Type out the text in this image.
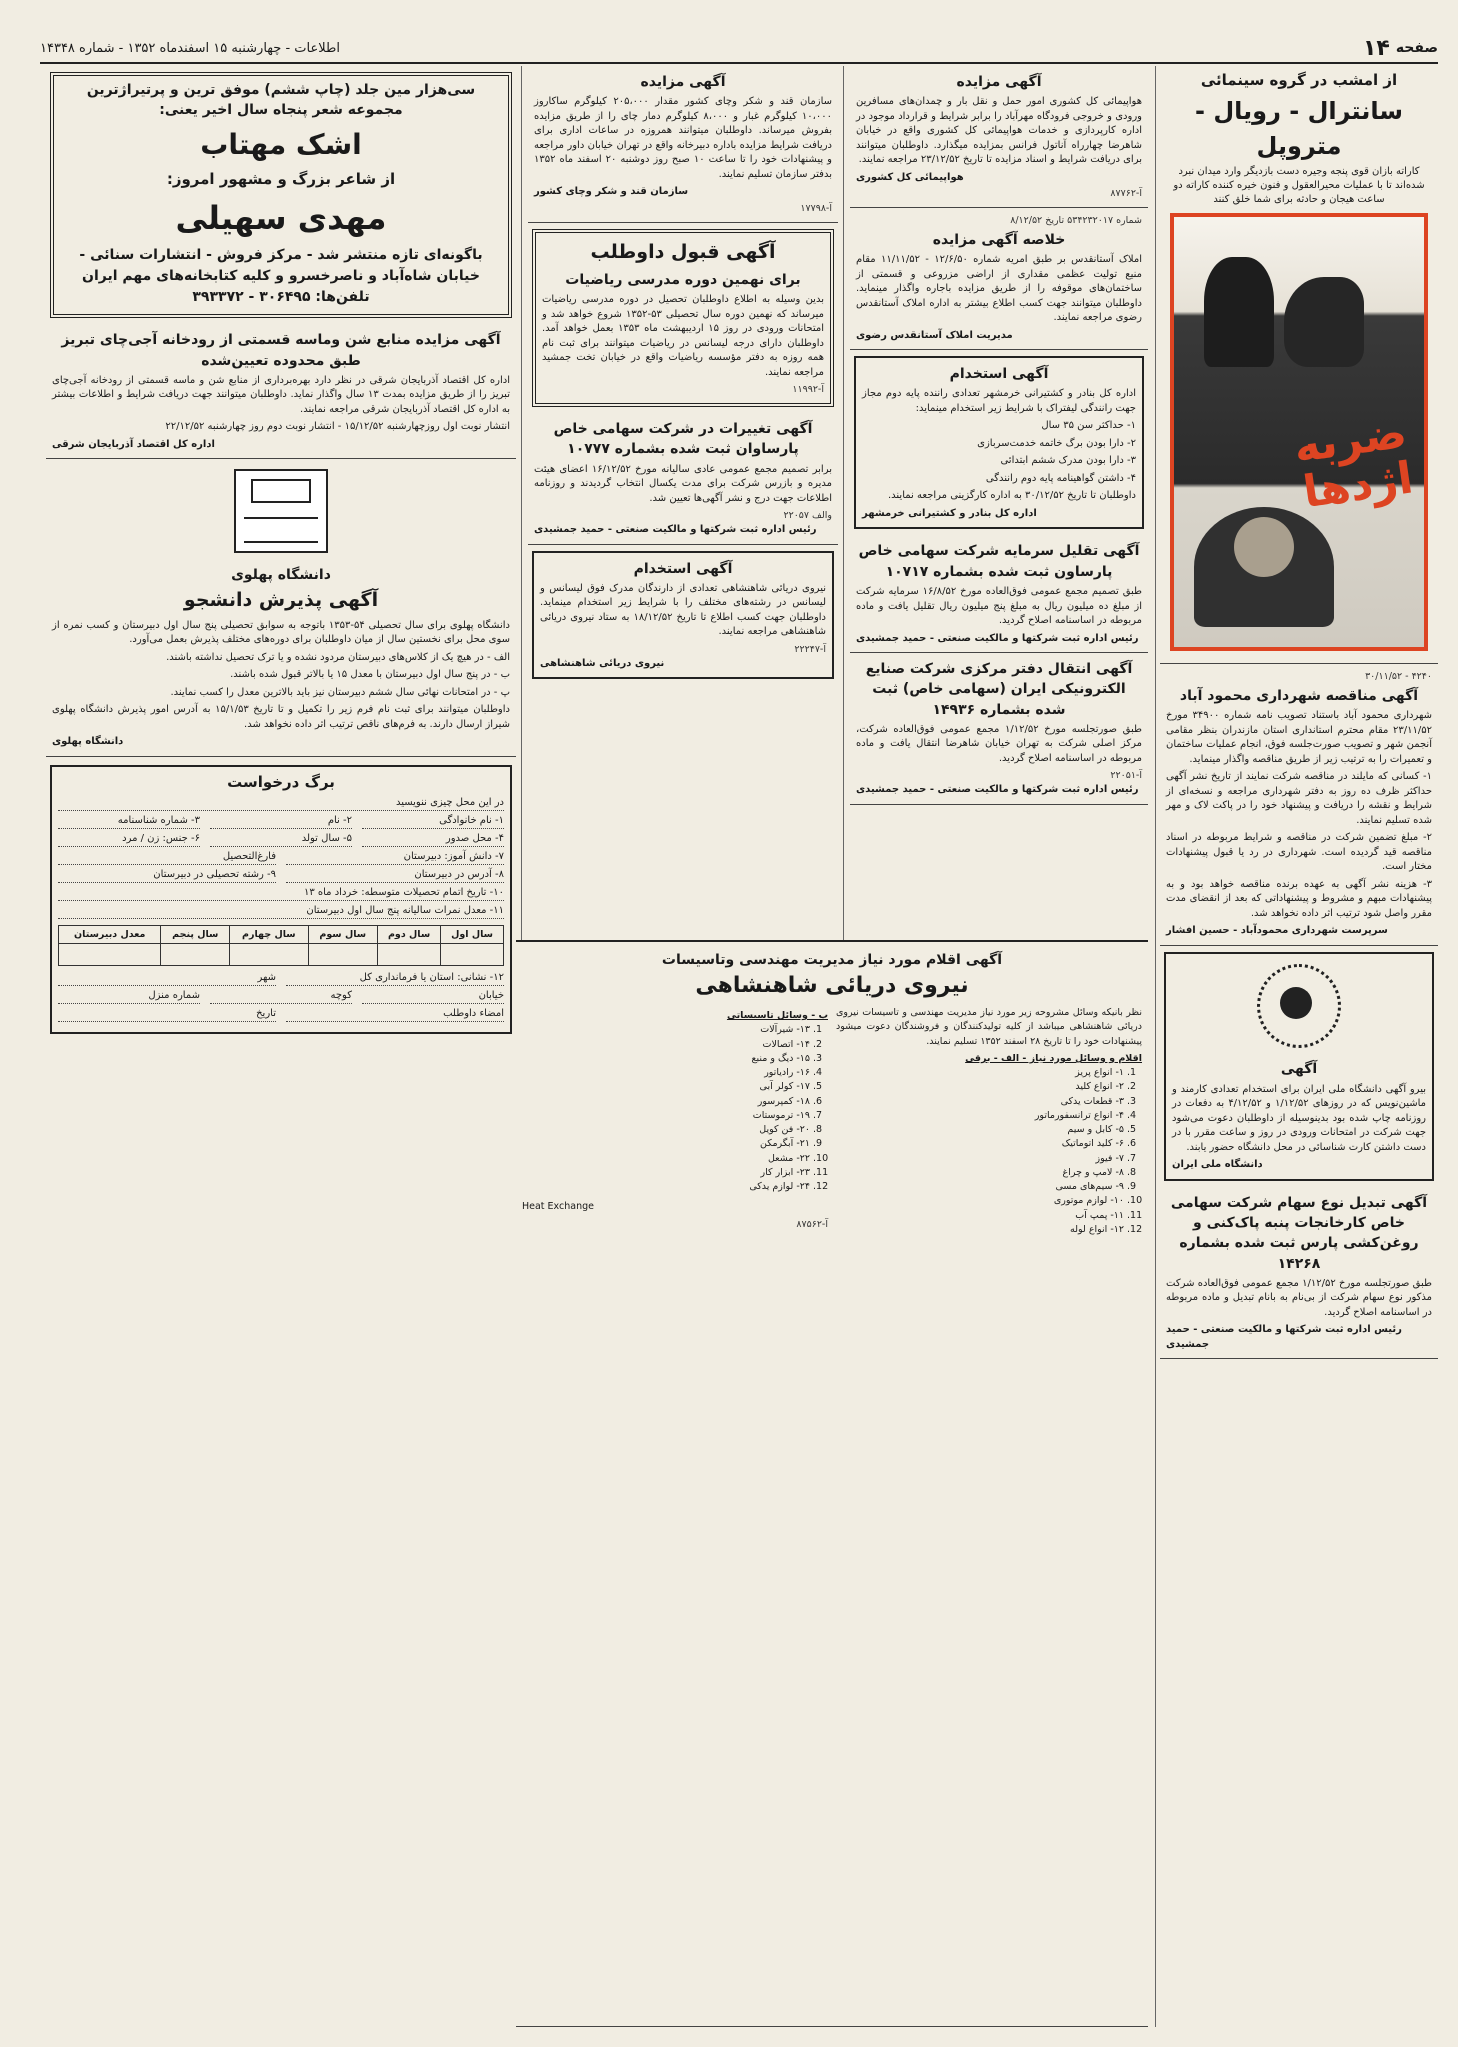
صفحه
۱۴
اطلاعات - چهارشنبه ۱۵ اسفندماه ۱۳۵۲ - شماره ۱۴۳۴۸
از امشب در گروه سینمائی
سانترال - رویال - متروپل
کاراته بازان قوی پنجه وجیره دست بازدیگر وارد میدان نبرد شده‌اند تا با عملیات محیرالعقول و فنون خیره کننده کاراته دو ساعت هیجان و حادثه برای شما خلق کنند
ضربه اژدها
۴۲۴۰ - ۳۰/۱۱/۵۲
آگهی مناقصه شهرداری محمود آباد

شهرداری محمود آباد باستناد تصویب نامه شماره ۳۴۹۰۰ مورخ ۲۳/۱۱/۵۲ مقام محترم استانداری استان مازندران بنظر مقامی آنجمن شهر و تصویب صورت‌جلسه فوق، انجام عملیات ساختمان و تعمیرات را به ترتیب زیر از طریق مناقصه واگذار مینماید.

۱- کسانی که مایلند در مناقصه شرکت نمایند از تاریخ نشر آگهی حداکثر ظرف ده روز به دفتر شهرداری مراجعه و نسخه‌ای از شرایط و نقشه را دریافت و پیشنهاد خود را در پاکت لاک و مهر شده تسلیم نمایند.

۲- مبلغ تضمین شرکت در مناقصه و شرایط مربوطه در اسناد مناقصه قید گردیده است. شهرداری در رد یا قبول پیشنهادات مختار است.

۳- هزینه نشر آگهی به عهده برنده مناقصه خواهد بود و به پیشنهادات مبهم و مشروط و پیشنهاداتی که بعد از انقضای مدت مقرر واصل شود ترتیب اثر داده نخواهد شد.

سرپرست شهرداری محمودآباد - حسین افشار
آگهی

بیرو آگهی دانشگاه ملی ایران برای استخدام تعدادی کارمند و ماشین‌نویس که در روزهای ۱/۱۲/۵۲ و ۴/۱۲/۵۲ به دفعات در روزنامه چاپ شده بود بدینوسیله از داوطلبان دعوت می‌شود جهت شرکت در امتحانات ورودی در روز و ساعت مقرر با در دست داشتن کارت شناسائی در محل دانشگاه حضور یابند.

دانشگاه ملی ایران
آگهی تبدیل نوع سهام شرکت سهامی خاص کارخانجات پنبه پاک‌کنی و روغن‌کشی پارس ثبت شده بشماره ۱۴۲۶۸

طبق صورتجلسه مورخ ۱/۱۲/۵۲ مجمع عمومی فوق‌العاده شرکت مذکور نوع سهام شرکت از بی‌نام به بانام تبدیل و ماده مربوطه در اساسنامه اصلاح گردید.

رئیس اداره ثبت شرکتها و مالکیت صنعتی - حمید جمشیدی
آگهی مزایده

هواپیمائی کل کشوری امور حمل و نقل بار و چمدان‌های مسافرین ورودی و خروجی فرودگاه مهرآباد را برابر شرایط و قرارداد موجود در اداره کارپردازی و خدمات هواپیمائی کل کشوری واقع در خیابان شاهرضا چهارراه آناتول فرانس بمزایده میگذارد. داوطلبان میتوانند برای دریافت شرایط و اسناد مزایده تا تاریخ ۲۳/۱۲/۵۲ مراجعه نمایند.

هواپیمائی کل کشوری
آ-۸۷۷۶۲
شماره ۵۳۴۲۳۲۰۱۷ تاریخ ۸/۱۲/۵۲
خلاصه آگهی مزایده

املاک آستانقدس بر طبق امریه شماره ۱۲/۶/۵۰ - ۱۱/۱۱/۵۲ مقام منیع تولیت عظمی مقداری از اراضی مزروعی و قسمتی از ساختمان‌های موقوفه را از طریق مزایده باجاره واگذار مینماید. داوطلبان میتوانند جهت کسب اطلاع بیشتر به اداره املاک آستانقدس رضوی مراجعه نمایند.

مدیریت املاک آستانقدس رضوی
آگهی استخدام

اداره کل بنادر و کشتیرانی خرمشهر تعدادی راننده پایه دوم مجاز جهت رانندگی لیفتراک با شرایط زیر استخدام مینماید:

۱- حداکثر سن ۳۵ سال

۲- دارا بودن برگ خاتمه خدمت‌سربازی

۳- دارا بودن مدرک ششم ابتدائی

۴- داشتن گواهینامه پایه دوم رانندگی

داوطلبان تا تاریخ ۳۰/۱۲/۵۲ به اداره کارگزینی مراجعه نمایند.

اداره کل بنادر و کشتیرانی خرمشهر
آگهی تقلیل سرمایه شرکت سهامی خاص پارساون ثبت شده بشماره ۱۰۷۱۷

طبق تصمیم مجمع عمومی فوق‌العاده مورخ ۱۶/۸/۵۲ سرمایه شرکت از مبلغ ده میلیون ریال به مبلغ پنج میلیون ریال تقلیل یافت و ماده مربوطه در اساسنامه اصلاح گردید.

رئیس اداره ثبت شرکتها و مالکیت صنعتی - حمید جمشیدی
آگهی انتقال دفتر مرکزی شرکت صنایع الکترونیکی ایران (سهامی خاص) ثبت شده بشماره ۱۴۹۳۶

طبق صورتجلسه مورخ ۱/۱۲/۵۲ مجمع عمومی فوق‌العاده شرکت، مرکز اصلی شرکت به تهران خیابان شاهرضا انتقال یافت و ماده مربوطه در اساسنامه اصلاح گردید.

آ-۲۲۰۵۱
رئیس اداره ثبت شرکتها و مالکیت صنعتی - حمید جمشیدی
آگهی مزایده

سازمان قند و شکر وچای کشور مقدار ۲۰۵،۰۰۰ کیلوگرم ساکاروز ۱۰،۰۰۰ کیلوگرم غبار و ۸،۰۰۰ کیلوگرم دمار چای را از طریق مزایده بفروش میرساند. داوطلبان میتوانند همروزه در ساعات اداری برای دریافت شرایط مزایده باداره دبیرخانه واقع در تهران خیابان داور مراجعه و پیشنهادات خود را تا ساعت ۱۰ صبح روز دوشنبه ۲۰ اسفند ماه ۱۳۵۲ بدفتر سازمان تسلیم نمایند.

سازمان قند و شکر وچای کشور
آ-۱۷۷۹۸
آگهی قبول داوطلب
برای نهمین دوره مدرسی ریاضیات

بدین وسیله به اطلاع داوطلبان تحصیل در دوره مدرسی ریاضیات میرساند که نهمین دوره سال تحصیلی ۵۳-۱۳۵۲ شروع خواهد شد و امتحانات ورودی در روز ۱۵ اردیبهشت ماه ۱۳۵۳ بعمل خواهد آمد. داوطلبان دارای درجه لیسانس در ریاضیات میتوانند برای ثبت نام همه روزه به دفتر مؤسسه ریاضیات واقع در خیابان تخت جمشید مراجعه نمایند.

آ-۱۱۹۹۲
آگهی تغییرات در شرکت سهامی خاص پارساوان ثبت شده بشماره ۱۰۷۷۷

برابر تصمیم مجمع عمومی عادی سالیانه مورخ ۱۶/۱۲/۵۲ اعضای هیئت مدیره و بازرس شرکت برای مدت یکسال انتخاب گردیدند و روزنامه اطلاعات جهت درج و نشر آگهی‌ها تعیین شد.

والف ۲۲۰۵۷
رئیس اداره ثبت شرکتها و مالکیت صنعتی - حمید جمشیدی
آگهی استخدام

نیروی دریائی شاهنشاهی تعدادی از دارندگان مدرک فوق لیسانس و لیسانس در رشته‌های مختلف را با شرایط زیر استخدام مینماید. داوطلبان جهت کسب اطلاع تا تاریخ ۱۸/۱۲/۵۲ به ستاد نیروی دریائی شاهنشاهی مراجعه نمایند.

آ-۲۲۲۴۷
نیروی دریائی شاهنشاهی
آگهی اقلام مورد نیاز مدیریت مهندسی وتاسیسات
نیروی دریائی شاهنشاهی

نظر بانیکه وسائل مشروحه زیر مورد نیاز مدیریت مهندسی و تاسیسات نیروی دریائی شاهنشاهی میباشد از کلیه تولیدکنندگان و فروشندگان دعوت میشود پیشنهادات خود را تا تاریخ ۲۸ اسفند ۱۳۵۲ تسلیم نمایند.

اقلام و وسائل مورد نیاز - الف - برقی
1. ۱- انواع پریز
2. ۲- انواع کلید
3. ۳- قطعات یدکی
4. ۴- انواع ترانسفورماتور
5. ۵- کابل و سیم
6. ۶- کلید اتوماتیک
7. ۷- فیوز
8. ۸- لامپ و چراغ
9. ۹- سیم‌های مسی
10. ۱۰- لوازم موتوری
11. ۱۱- پمپ آب
12. ۱۲- انواع لوله
ب - وسائل تاسیساتی
1. ۱۳- شیرآلات
2. ۱۴- اتصالات
3. ۱۵- دیگ و منبع
4. ۱۶- رادیاتور
5. ۱۷- کولر آبی
6. ۱۸- کمپرسور
7. ۱۹- ترموستات
8. ۲۰- فن کویل
9. ۲۱- آبگرمکن
10. ۲۲- مشعل
11. ۲۳- ابزار کار
12. ۲۴- لوازم یدکی

Heat Exchange

آ-۸۷۵۶۲
سی‌هزار مین جلد (چاپ ششم) موفق ترین و پرتیراژترین مجموعه شعر پنجاه سال اخیر یعنی:
اشک مهتاب
از شاعر بزرگ و مشهور امروز:
مهدی سهیلی
باگونه‌ای تازه منتشر شد - مرکز فروش - انتشارات سنائی - خیابان شاه‌آباد و ناصرخسرو و کلیه کتابخانه‌های مهم ایران
تلفن‌ها: ۳۰۶۴۹۵ - ۳۹۳۳۷۲
آگهی مزایده منابع شن وماسه قسمتی از رودخانه آجی‌چای تبریز طبق محدوده تعیین‌شده

اداره کل اقتصاد آذربایجان شرقی در نظر دارد بهره‌برداری از منابع شن و ماسه قسمتی از رودخانه آجی‌چای تبریز را از طریق مزایده بمدت ۱۳ سال واگذار نماید. داوطلبان میتوانند جهت دریافت شرایط و اطلاعات بیشتر به اداره کل اقتصاد آذربایجان شرقی مراجعه نمایند.

انتشار نوبت اول روزچهارشنبه ۱۵/۱۲/۵۲ - انتشار نوبت دوم روز چهارشنبه ۲۲/۱۲/۵۲

اداره کل اقتصاد آذربایجان شرقی
دانشگاه پهلوی
آگهی پذیرش دانشجو

دانشگاه پهلوی برای سال تحصیلی ۵۴-۱۳۵۳ باتوجه به سوابق تحصیلی پنج سال اول دبیرستان و کسب نمره از سوی محل برای نخستین سال از میان داوطلبان برای دوره‌های مختلف پذیرش بعمل می‌آورد.

الف - در هیچ یک از کلاس‌های دبیرستان مردود نشده و یا ترک تحصیل نداشته باشند.

ب - در پنج سال اول دبیرستان با معدل ۱۵ یا بالاتر قبول شده باشند.

پ - در امتحانات نهائی سال ششم دبیرستان نیز باید بالاترین معدل را کسب نمایند.

داوطلبان میتوانند برای ثبت نام فرم زیر را تکمیل و تا تاریخ ۱۵/۱/۵۳ به آدرس امور پذیرش دانشگاه پهلوی شیراز ارسال دارند. به فرم‌های ناقص ترتیب اثر داده نخواهد شد.

دانشگاه پهلوی
برگ درخواست
در این محل چیزی ننویسید
۱- نام خانوادگی
۲- نام
۳- شماره شناسنامه
۴- محل صدور
۵- سال تولد
۶- جنس: زن / مرد
۷- دانش آموز: دبیرستان
فارغ‌التحصیل
۸- آدرس در دبیرستان
۹- رشته تحصیلی در دبیرستان
۱۰- تاریخ اتمام تحصیلات متوسطه: خرداد ماه ۱۳
۱۱- معدل نمرات سالیانه پنج سال اول دبیرستان
سال اول	سال دوم	سال سوم	سال چهارم	سال پنجم	معدل دبیرستان

۱۲- نشانی: استان یا فرمانداری کل
شهر
خیابان
کوچه
شماره منزل
امضاء داوطلب
تاریخ
